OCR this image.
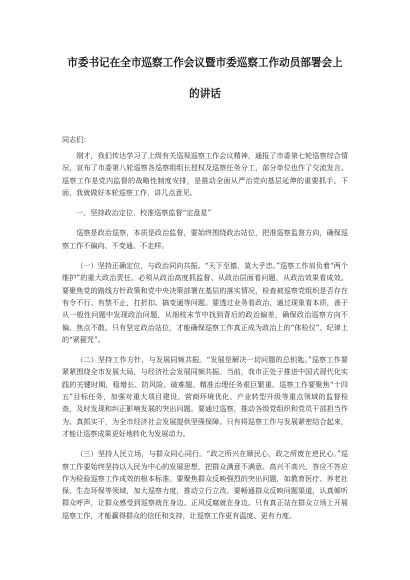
市委书记在全市巡察工作会议暨市委巡察工作动员部署会上的讲话

同志们：

刚才，我们传达学习了上级有关巡视巡察工作会议精神，通报了市委第七轮巡察综合情况，宣布了市委第八轮巡察各巡察组组长授权及巡察任务分工，部分单位也作了交流发言。巡察工作是党内监督的战略性制度安排，是推动全面从严治党向基层延伸的重要抓手。下面，我就做好本轮巡察工作，讲几点意见。

一、坚持政治定位，校准巡察监督“定盘星”

巡察是政治巡察，本质是政治监督，要始终围绕政治站位，把准巡察监督方向，确保巡察工作不偏向、不变通、不走样。

（一）坚持正确定位，与政治同向共振。“天下至德，莫大乎忠。”巡察工作肩负着“两个维护”的重大政治责任。必须从政治高度抓监督、从政治层面看问题，从政治效果看成效。要聚焦党的路线方针政策和党中央决策部署在基层的落实情况，检查被巡察党组织是否存在有令不行、有禁不止，打折扣、搞变通等问题。要透过业务看政治，通过现象看本质，善于从一般性问题中发现政治问题，从细枝末节中找到背后的政治偏差，确保政治巡察方向不偏、焦点不散。只有坚定政治站位，才能确保巡察工作真正成为政治上的“体检仪”、纪律上的“紧箍咒”。

（二）坚持工作方针，与发展同频共振。“发展是解决一切问题的总钥匙。”巡察工作要紧紧围绕全市发展大局，与经济社会发展同频共振。当前，我市正处于推进中国式现代化实践的关键时期，稳增长、防风险、破难题、精准治理任务艰巨繁重。巡察工作要聚焦“十四五”目标任务，加强对重大项目建设、营商环境优化、产业转型升级等重点领域的监督检查，及时发现和纠正影响发展的突出问题。要通过巡察，推动各级党组织和党员干部担当作为、真抓实干，为全市经济社会发展提供坚强保障。只有将巡察工作与发展紧密结合起来，才能让巡察成果更好地转化为发展动力。

（三）坚持人民立场，与群众同心同行。“政之所兴在顺民心，政之所废在逆民心。”巡察工作要始终坚持以人民为中心的发展思想，把群众满意不满意、高兴不高兴、答应不答应作为检验巡察工作成效的根本标准。要聚焦群众反映强烈的突出问题，如教育医疗、养老社保、生态环保等领域，加大巡察力度，推动立行立改。要畅通群众反映问题渠道，认真倾听群众呼声，让群众感受到巡察就在身边、正风反腐就在身边。只有真正站在群众立场上开展巡察工作，才能赢得群众的信任和支持，让巡察工作更有温度、更有力度。
